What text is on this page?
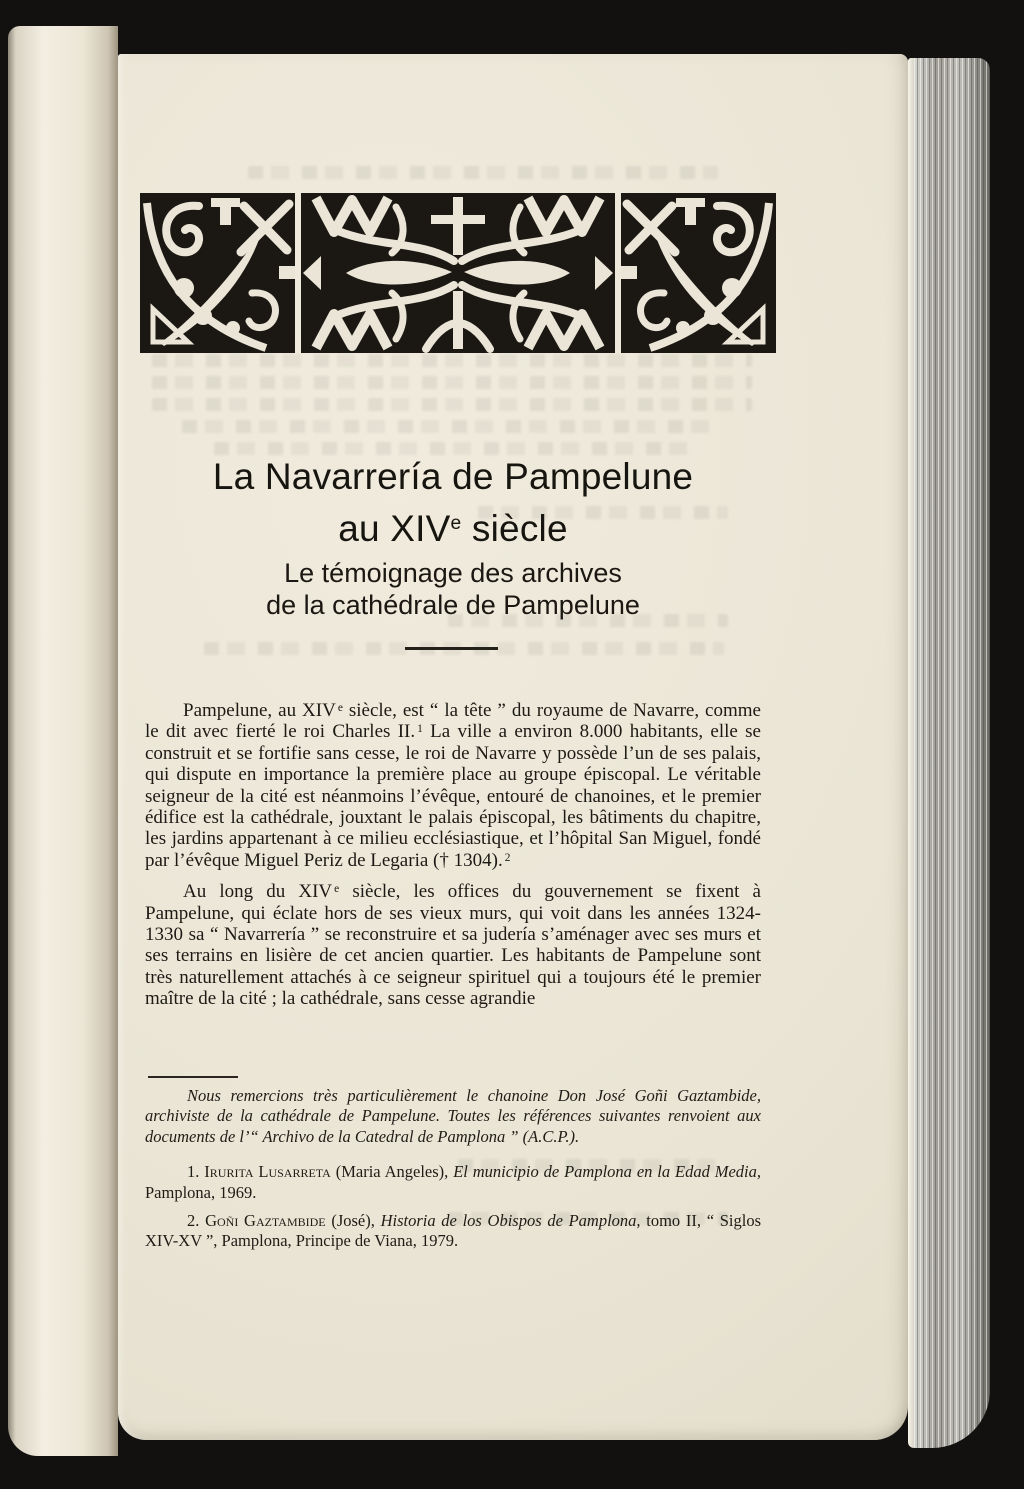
La Navarrería de Pampelune
au XIVe siècle
Le témoignage des archives
de la cathédrale de Pampelune

Pampelune, au XIV $^e$ siècle, est “ la tête ” du royaume de Navarre, comme le dit avec fierté le roi Charles II. $^1$ La ville a environ 8.000 habitants, elle se construit et se fortifie sans cesse, le roi de Navarre y possède l’un de ses palais, qui dispute en importance la première place au groupe épiscopal. Le véritable seigneur de la cité est néanmoins l’évêque, entouré de chanoines, et le premier édifice est la cathédrale, jouxtant le palais épiscopal, les bâtiments du chapitre, les jardins appartenant à ce milieu ecclésiastique, et l’hôpital San Miguel, fondé par l’évêque Miguel Periz de Legaria († 1304). $^2$

Au long du XIV $^e$ siècle, les offices du gouvernement se fixent à Pampelune, qui éclate hors de ses vieux murs, qui voit dans les années 1324-1330 sa “ Navarrería ” se reconstruire et sa judería s’aménager avec ses murs et ses terrains en lisière de cet ancien quartier. Les habitants de Pampelune sont très naturellement attachés à ce seigneur spirituel qui a toujours été le premier maître de la cité ; la cathédrale, sans cesse agrandie

Nous remercions très particulièrement le chanoine Don José Goñi Gaztambide, archiviste de la cathédrale de Pampelune. Toutes les références suivantes renvoient aux documents de l’“ Archivo de la Catedral de Pamplona ” (A.C.P.).

1. Irurita Lusarreta (Maria Angeles), El municipio de Pamplona en la Edad Media, Pamplona, 1969.

2. Goñi Gaztambide (José), Historia de los Obispos de Pamplona, tomo II, “ Siglos XIV-XV ”, Pamplona, Principe de Viana, 1979.
